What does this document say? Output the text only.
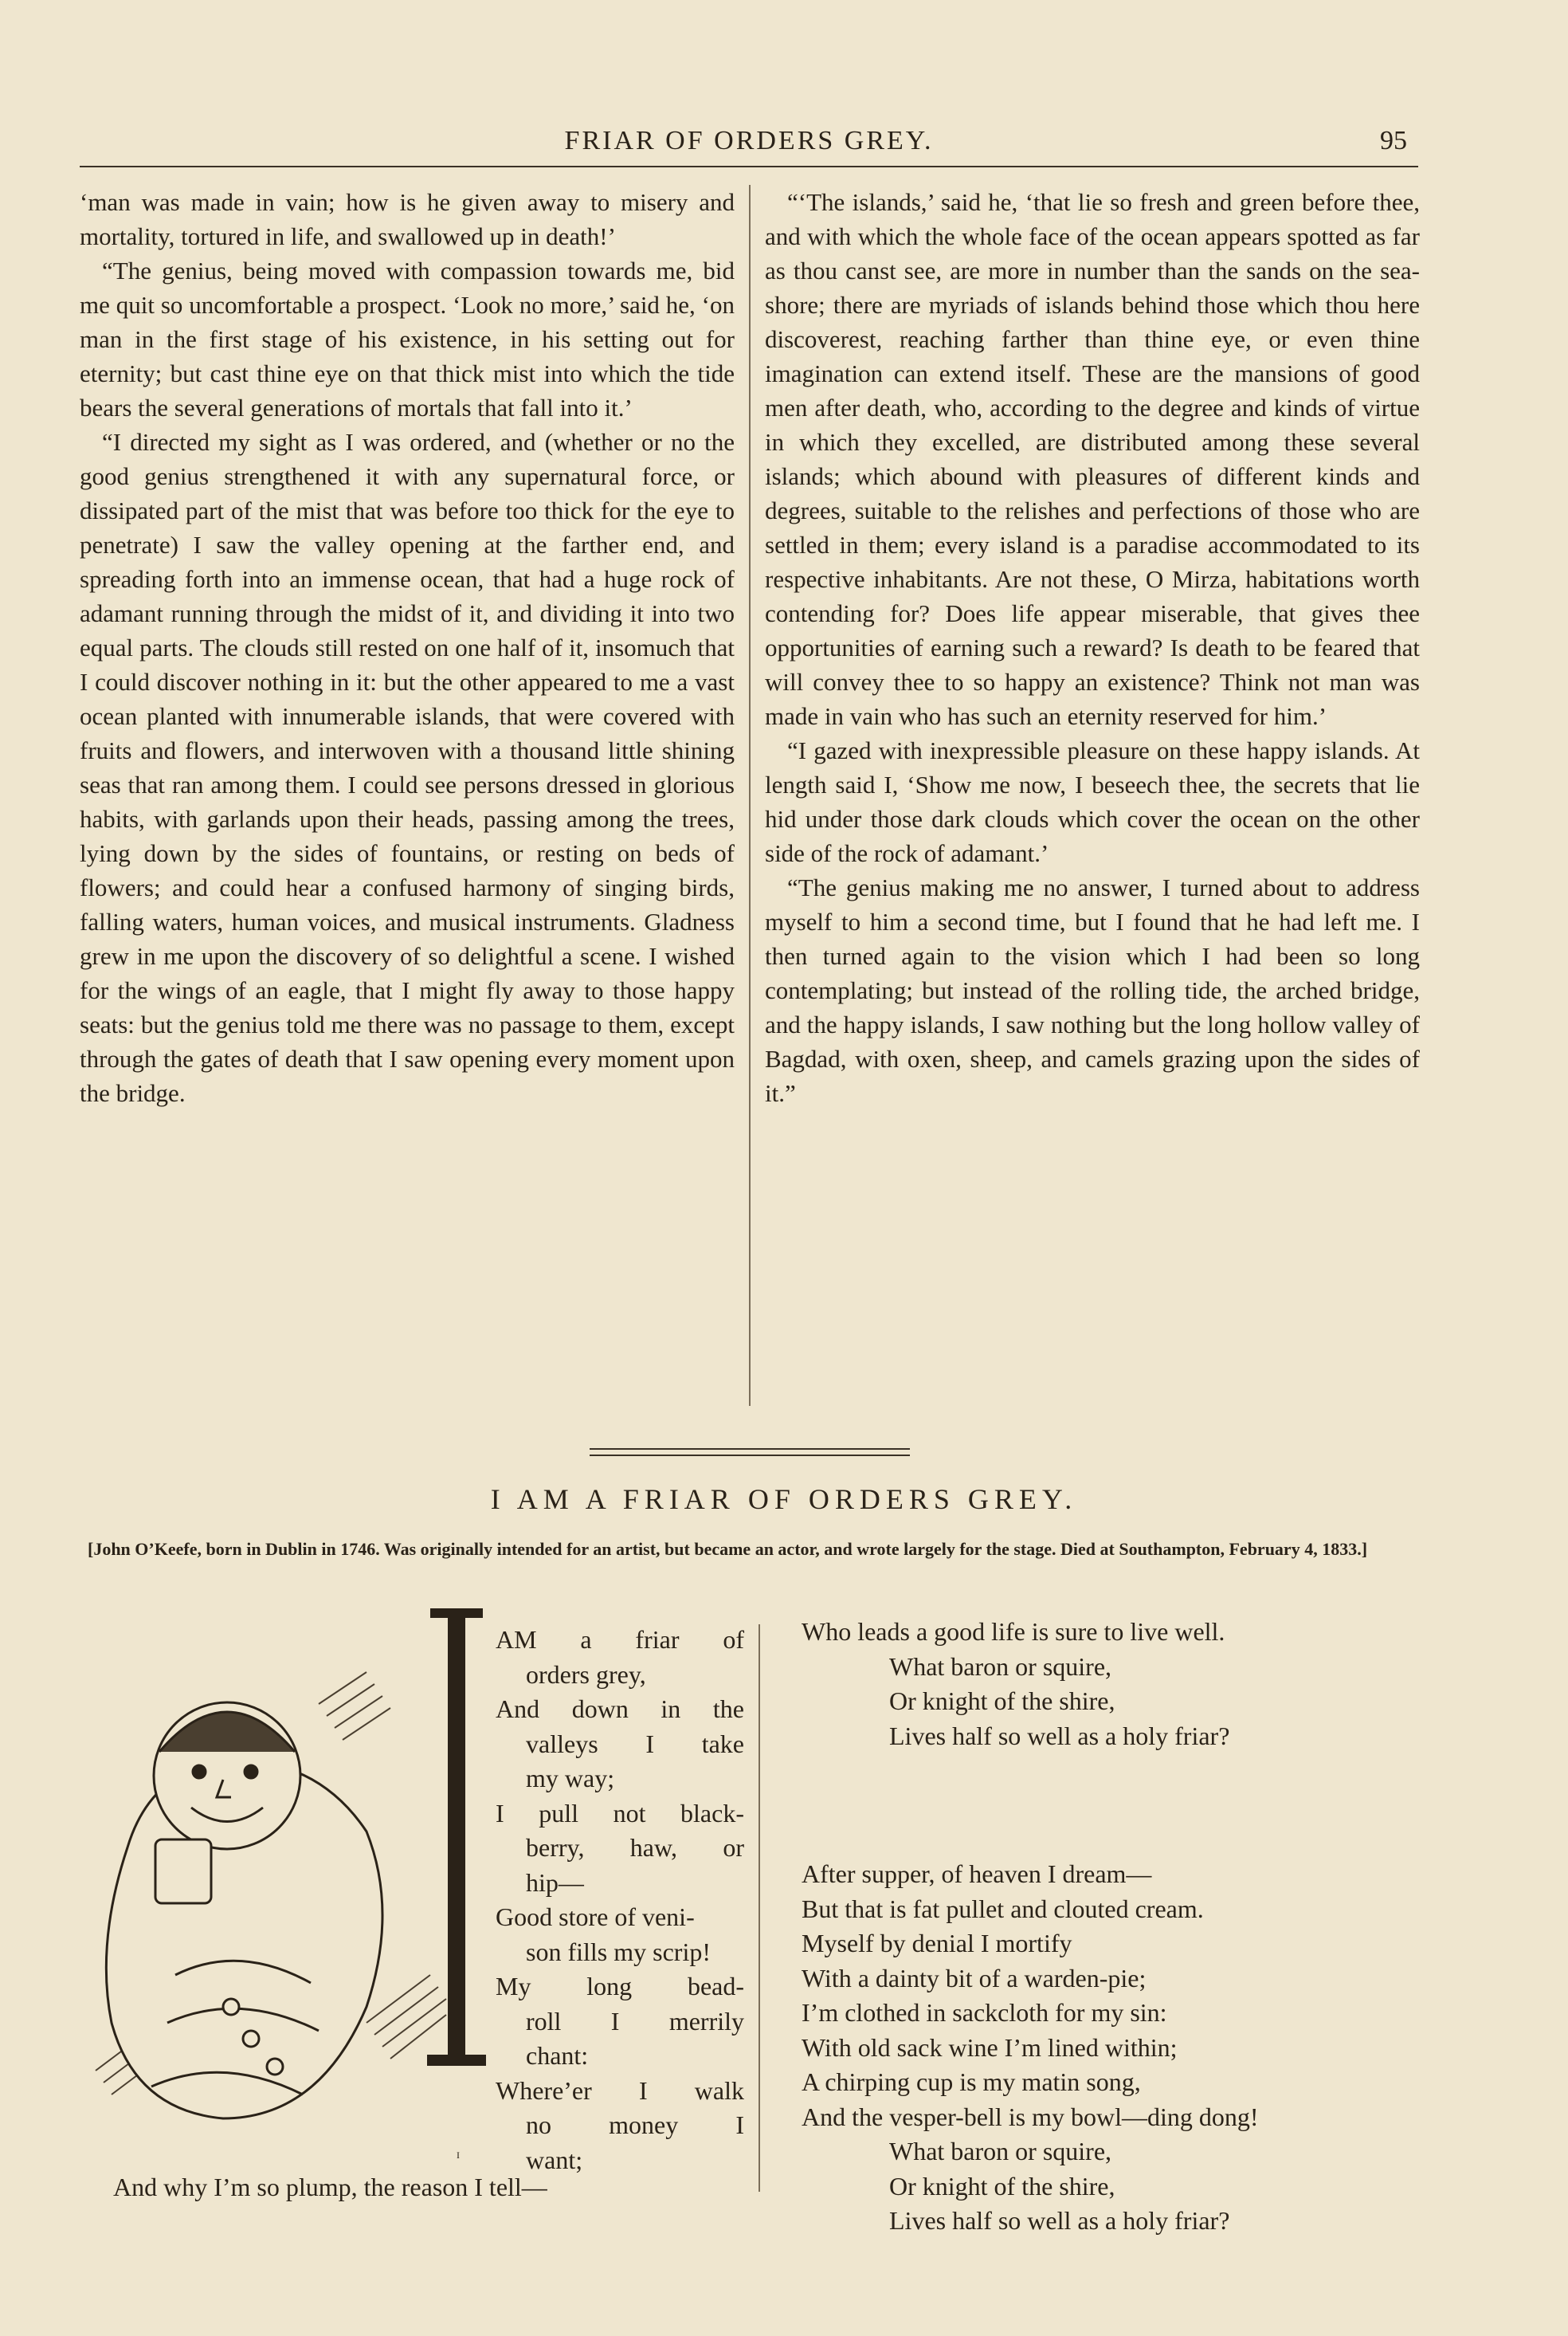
FRIAR OF ORDERS GREY.	95

‘man was made in vain; how is he given away to misery and mortality, tortured in life, and swallowed up in death!’

“The genius, being moved with compassion towards me, bid me quit so uncomfortable a prospect. ‘Look no more,’ said he, ‘on man in the first stage of his existence, in his setting out for eternity; but cast thine eye on that thick mist into which the tide bears the several generations of mortals that fall into it.’

“I directed my sight as I was ordered, and (whether or no the good genius strengthened it with any supernatural force, or dissipated part of the mist that was before too thick for the eye to penetrate) I saw the valley opening at the farther end, and spreading forth into an immense ocean, that had a huge rock of adamant running through the midst of it, and dividing it into two equal parts. The clouds still rested on one half of it, insomuch that I could discover nothing in it: but the other appeared to me a vast ocean planted with innumerable islands, that were covered with fruits and flowers, and interwoven with a thousand little shining seas that ran among them. I could see persons dressed in glorious habits, with garlands upon their heads, passing among the trees, lying down by the sides of fountains, or resting on beds of flowers; and could hear a confused harmony of singing birds, falling waters, human voices, and musical instruments. Gladness grew in me upon the discovery of so delightful a scene. I wished for the wings of an eagle, that I might fly away to those happy seats: but the genius told me there was no passage to them, except through the gates of death that I saw opening every moment upon the bridge.

“‘The islands,’ said he, ‘that lie so fresh and green before thee, and with which the whole face of the ocean appears spotted as far as thou canst see, are more in number than the sands on the sea-shore; there are myriads of islands behind those which thou here discoverest, reaching farther than thine eye, or even thine imagination can extend itself. These are the mansions of good men after death, who, according to the degree and kinds of virtue in which they excelled, are distributed among these several islands; which abound with pleasures of different kinds and degrees, suitable to the relishes and perfections of those who are settled in them; every island is a paradise accommodated to its respective inhabitants. Are not these, O Mirza, habitations worth contending for? Does life appear miserable, that gives thee opportunities of earning such a reward? Is death to be feared that will convey thee to so happy an existence? Think not man was made in vain who has such an eternity reserved for him.’

“I gazed with inexpressible pleasure on these happy islands. At length said I, ‘Show me now, I beseech thee, the secrets that lie hid under those dark clouds which cover the ocean on the other side of the rock of adamant.’

“The genius making me no answer, I turned about to address myself to him a second time, but I found that he had left me. I then turned again to the vision which I had been so long contemplating; but instead of the rolling tide, the arched bridge, and the happy islands, I saw nothing but the long hollow valley of Bagdad, with oxen, sheep, and camels grazing upon the sides of it.”

I AM A FRIAR OF ORDERS GREY.
[John O’Keefe, born in Dublin in 1746. Was originally intended for an artist, but became an actor, and wrote largely for the stage. Died at Southampton, February 4, 1833.]
I
AM a friar of
orders grey,
And down in the
valleys I take
my way;
I pull not black-
berry, haw, or
hip—
Good store of veni-
son fills my scrip!
My long bead-
roll I merrily
chant:
Where’er I walk
no money I
want;
And why I’m so plump, the reason I tell—
Who leads a good life is sure to live well.
What baron or squire,
Or knight of the shire,
Lives half so well as a holy friar?
After supper, of heaven I dream—
But that is fat pullet and clouted cream.
Myself by denial I mortify
With a dainty bit of a warden-pie;
I’m clothed in sackcloth for my sin:
With old sack wine I’m lined within;
A chirping cup is my matin song,
And the vesper-bell is my bowl—ding dong!
What baron or squire,
Or knight of the shire,
Lives half so well as a holy friar?
